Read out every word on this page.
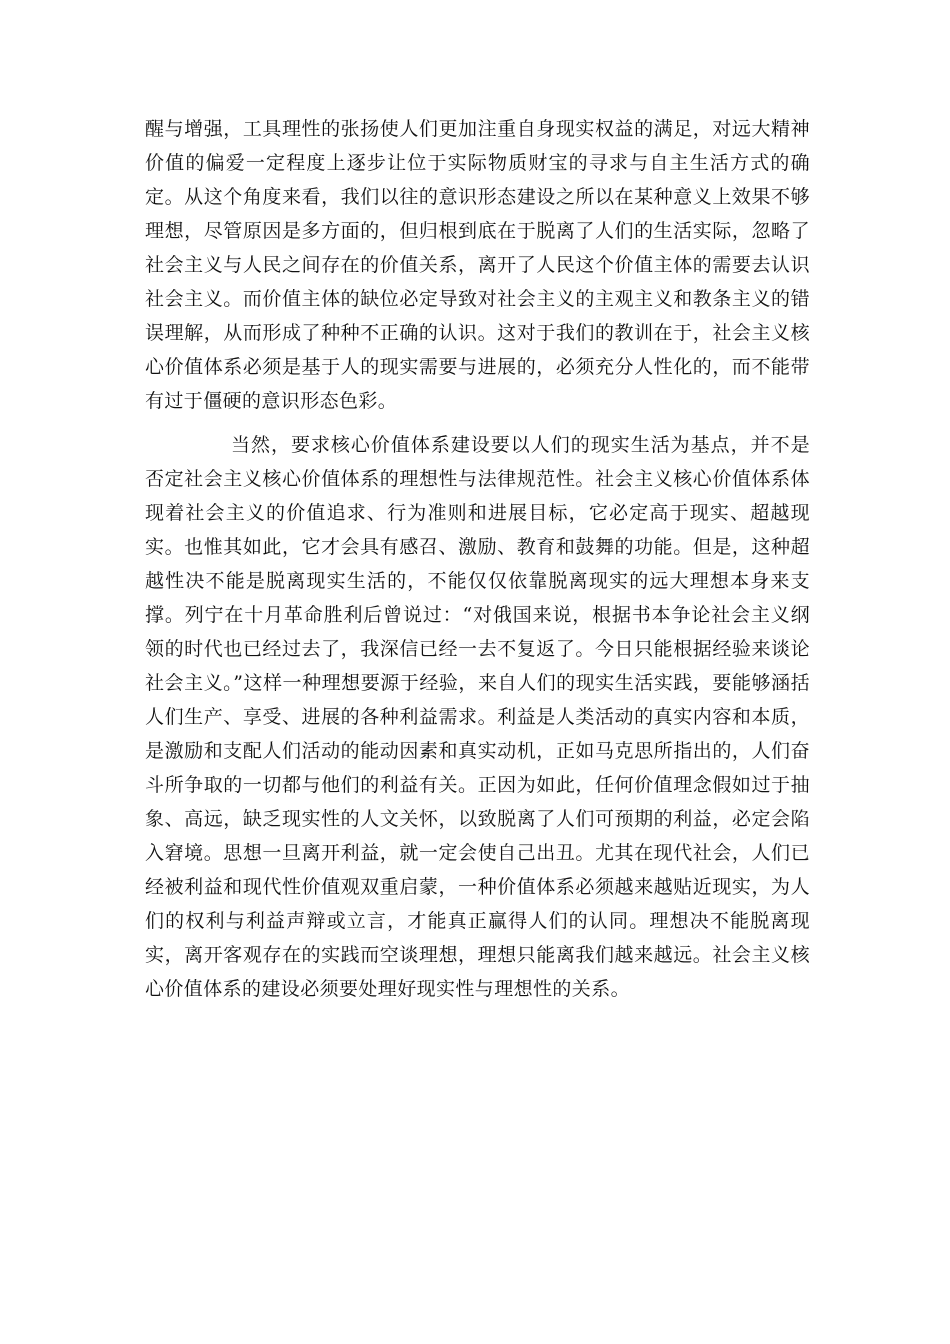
醒与增强，工具理性的张扬使人们更加注重自身现实权益的满足，对远大精神价值的偏爱一定程度上逐步让位于实际物质财宝的寻求与自主生活方式的确定。从这个角度来看，我们以往的意识形态建设之所以在某种意义上效果不够理想，尽管原因是多方面的，但归根到底在于脱离了人们的生活实际，忽略了社会主义与人民之间存在的价值关系，离开了人民这个价值主体的需要去认识社会主义。而价值主体的缺位必定导致对社会主义的主观主义和教条主义的错误理解，从而形成了种种不正确的认识。这对于我们的教训在于，社会主义核心价值体系必须是基于人的现实需要与进展的，必须充分人性化的，而不能带有过于僵硬的意识形态色彩。

当然，要求核心价值体系建设要以人们的现实生活为基点，并不是否定社会主义核心价值体系的理想性与法律规范性。社会主义核心价值体系体现着社会主义的价值追求、行为准则和进展目标，它必定高于现实、超越现实。也惟其如此，它才会具有感召、激励、教育和鼓舞的功能。但是，这种超越性决不能是脱离现实生活的，不能仅仅依靠脱离现实的远大理想本身来支撑。列宁在十月革命胜利后曾说过：“对俄国来说，根据书本争论社会主义纲领的时代也已经过去了，我深信已经一去不复返了。今日只能根据经验来谈论社会主义。”这样一种理想要源于经验，来自人们的现实生活实践，要能够涵括人们生产、享受、进展的各种利益需求。利益是人类活动的真实内容和本质，是激励和支配人们活动的能动因素和真实动机，正如马克思所指出的，人们奋斗所争取的一切都与他们的利益有关。正因为如此，任何价值理念假如过于抽象、高远，缺乏现实性的人文关怀，以致脱离了人们可预期的利益，必定会陷入窘境。思想一旦离开利益，就一定会使自己出丑。尤其在现代社会，人们已经被利益和现代性价值观双重启蒙，一种价值体系必须越来越贴近现实，为人们的权利与利益声辩或立言，才能真正赢得人们的认同。理想决不能脱离现实，离开客观存在的实践而空谈理想，理想只能离我们越来越远。社会主义核心价值体系的建设必须要处理好现实性与理想性的关系。
